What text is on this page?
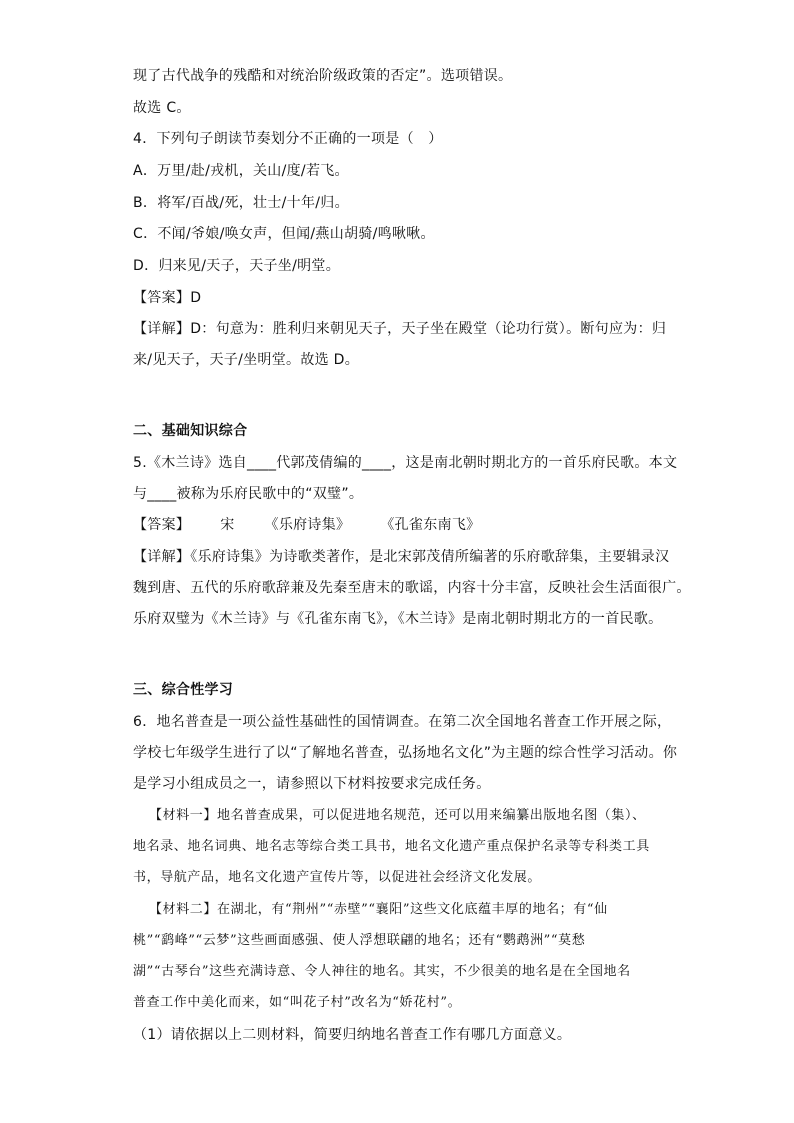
现了古代战争的残酷和对统治阶级政策的否定”。选项错误。
故选 C。
4．下列句子朗读节奏划分不正确的一项是（　）
A．万里/赴/戎机，关山/度/若飞。
B．将军/百战/死，壮士/十年/归。
C．不闻/爷娘/唤女声，但闻/燕山胡骑/鸣啾啾。
D．归来见/天子，天子坐/明堂。
【答案】D
【详解】D：句意为：胜利归来朝见天子，天子坐在殿堂（论功行赏）。断句应为：归
来/见天子，天子/坐明堂。故选 D。
二、基础知识综合
5.《木兰诗》选自____代郭茂倩编的____，这是南北朝时期北方的一首乐府民歌。本文
与____被称为乐府民歌中的“双璧”。
【答案】 宋 《乐府诗集》 《孔雀东南飞》
【详解】《乐府诗集》为诗歌类著作，是北宋郭茂倩所编著的乐府歌辞集，主要辑录汉
魏到唐、五代的乐府歌辞兼及先秦至唐末的歌谣，内容十分丰富，反映社会生活面很广。
乐府双璧为《木兰诗》与《孔雀东南飞》，《木兰诗》是南北朝时期北方的一首民歌。
三、综合性学习
6．地名普查是一项公益性基础性的国情调查。在第二次全国地名普查工作开展之际，
学校七年级学生进行了以“了解地名普查，弘扬地名文化”为主题的综合性学习活动。你
是学习小组成员之一，请参照以下材料按要求完成任务。
【材料一】地名普查成果，可以促进地名规范，还可以用来编纂出版地名图（集）、
地名录、地名词典、地名志等综合类工具书，地名文化遗产重点保护名录等专科类工具
书，导航产品，地名文化遗产宣传片等，以促进社会经济文化发展。
【材料二】在湖北，有“荆州”“赤壁”“襄阳”这些文化底蕴丰厚的地名；有“仙
桃”“鹞峰”“云梦”这些画面感强、使人浮想联翩的地名；还有“鹦鹉洲”“莫愁
湖”“古琴台”这些充满诗意、令人神往的地名。其实，不少很美的地名是在全国地名
普查工作中美化而来，如“叫花子村”改名为“娇花村”。
（1）请依据以上二则材料，简要归纳地名普查工作有哪几方面意义。
